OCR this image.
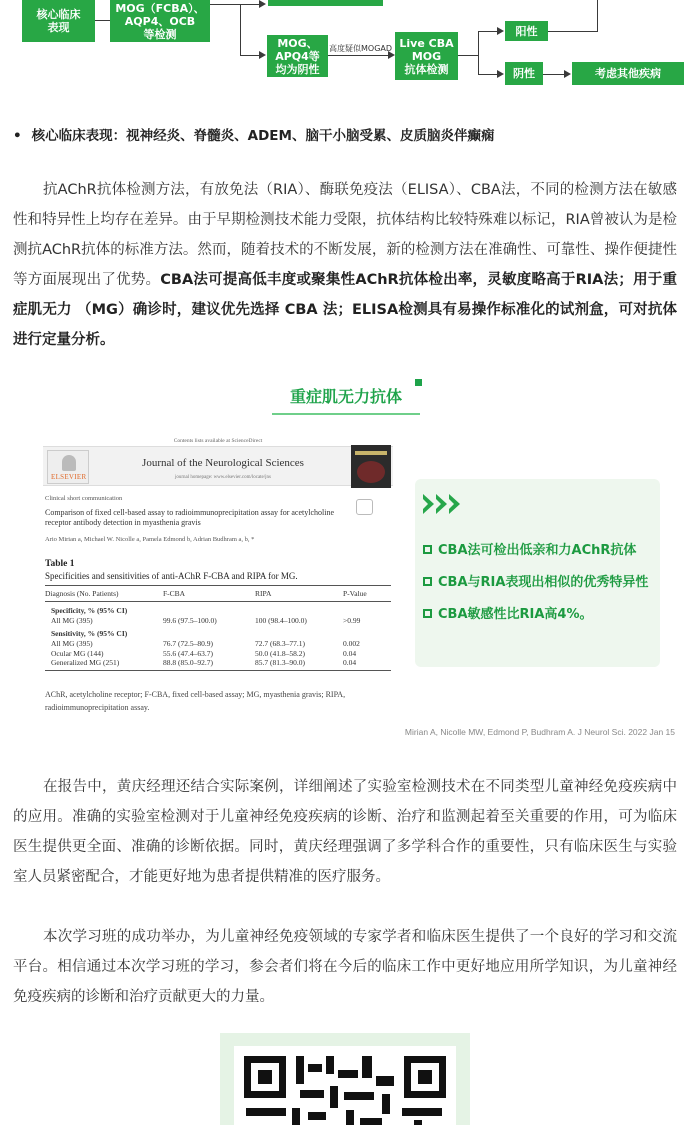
核心临床
表现
MOG（FCBA）、
AQP4、OCB
等检测
MOG、
APQ4等
均为阴性
高度疑似MOGAD Live CBA
MOG
抗体检测
阳性
阴性	考虑其他疾病
• 核心临床表现：视神经炎、脊髓炎、ADEM、脑干小脑受累、皮质脑炎伴癫痫

抗AChR抗体检测方法，有放免法（RIA）、酶联免疫法（ELISA）、CBA法，不同的检测方法在敏感性和特异性上均存在差异。由于早期检测技术能力受限，抗体结构比较特殊难以标记，RIA曾被认为是检测抗AChR抗体的标准方法。然而，随着技术的不断发展，新的检测方法在准确性、可靠性、操作便捷性等方面展现出了优势。CBA法可提高低丰度或聚集性AChR抗体检出率，灵敏度略高于RIA法；用于重症肌无力 （MG）确诊时，建议优先选择 CBA 法；ELISA检测具有易操作标准化的试剂盒，可对抗体进行定量分析。

重症肌无力抗体
Contents lists available at ScienceDirect
ELSEVIER
Journal of the Neurological Sciences
journal homepage: www.elsevier.com/locate/jns
Clinical short communication
Comparison of fixed cell-based assay to radioimmunoprecipitation assay for acetylcholine receptor antibody detection in myasthenia gravis
Ario Mirian a, Michael W. Nicolle a, Pamela Edmond b, Adrian Budhram a, b, *
Table 1
Specificities and sensitivities of anti-AChR F-CBA and RIPA for MG.
Diagnosis (No. Patients)	F-CBA	RIPA	P-Value
Specificity, % (95% CI)			
All MG (395)	99.6 (97.5–100.0)	100 (98.4–100.0)	>0.99
Sensitivity, % (95% CI)			
All MG (395)	76.7 (72.5–80.9)	72.7 (68.3–77.1)	0.002
Ocular MG (144)	55.6 (47.4–63.7)	50.0 (41.8–58.2)	0.04
Generalized MG (251)	88.8 (85.0–92.7)	85.7 (81.3–90.0)	0.04
AChR, acetylcholine receptor; F-CBA, fixed cell-based assay; MG, myasthenia gravis; RIPA, radioimmunoprecipitation assay.
CBA法可检出低亲和力AChR抗体
CBA与RIA表现出相似的优秀特异性
CBA敏感性比RIA高4%。
Mirian A, Nicolle MW, Edmond P, Budhram A. J Neurol Sci. 2022 Jan 15

在报告中，黄庆经理还结合实际案例，详细阐述了实验室检测技术在不同类型儿童神经免疫疾病中的应用。准确的实验室检测对于儿童神经免疫疾病的诊断、治疗和监测起着至关重要的作用，可为临床医生提供更全面、准确的诊断依据。同时，黄庆经理强调了多学科合作的重要性，只有临床医生与实验室人员紧密配合，才能更好地为患者提供精准的医疗服务。

本次学习班的成功举办，为儿童神经免疫领域的专家学者和临床医生提供了一个良好的学习和交流平台。相信通过本次学习班的学习，参会者们将在今后的临床工作中更好地应用所学知识，为儿童神经免疫疾病的诊断和治疗贡献更大的力量。
